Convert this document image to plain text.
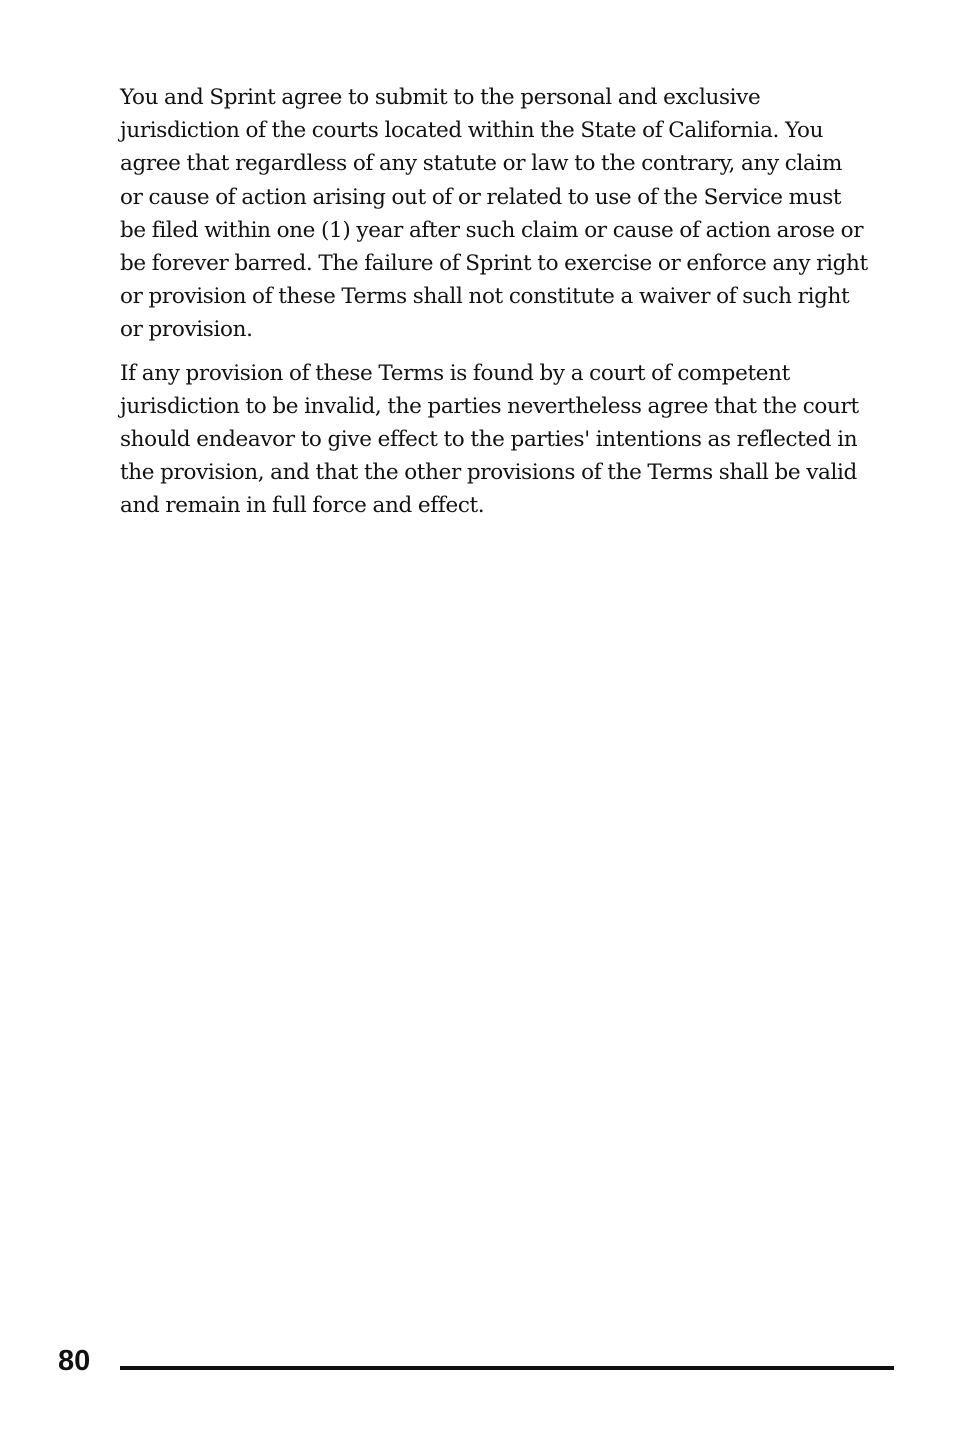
You and Sprint agree to submit to the personal and exclusive jurisdiction of the courts located within the State of California. You agree that regardless of any statute or law to the contrary, any claim or cause of action arising out of or related to use of the Service must be filed within one (1) year after such claim or cause of action arose or be forever barred. The failure of Sprint to exercise or enforce any right or provision of these Terms shall not constitute a waiver of such right or provision.

If any provision of these Terms is found by a court of competent jurisdiction to be invalid, the parties nevertheless agree that the court should endeavor to give effect to the parties' intentions as reflected in the provision, and that the other provisions of the Terms shall be valid and remain in full force and effect.

80
